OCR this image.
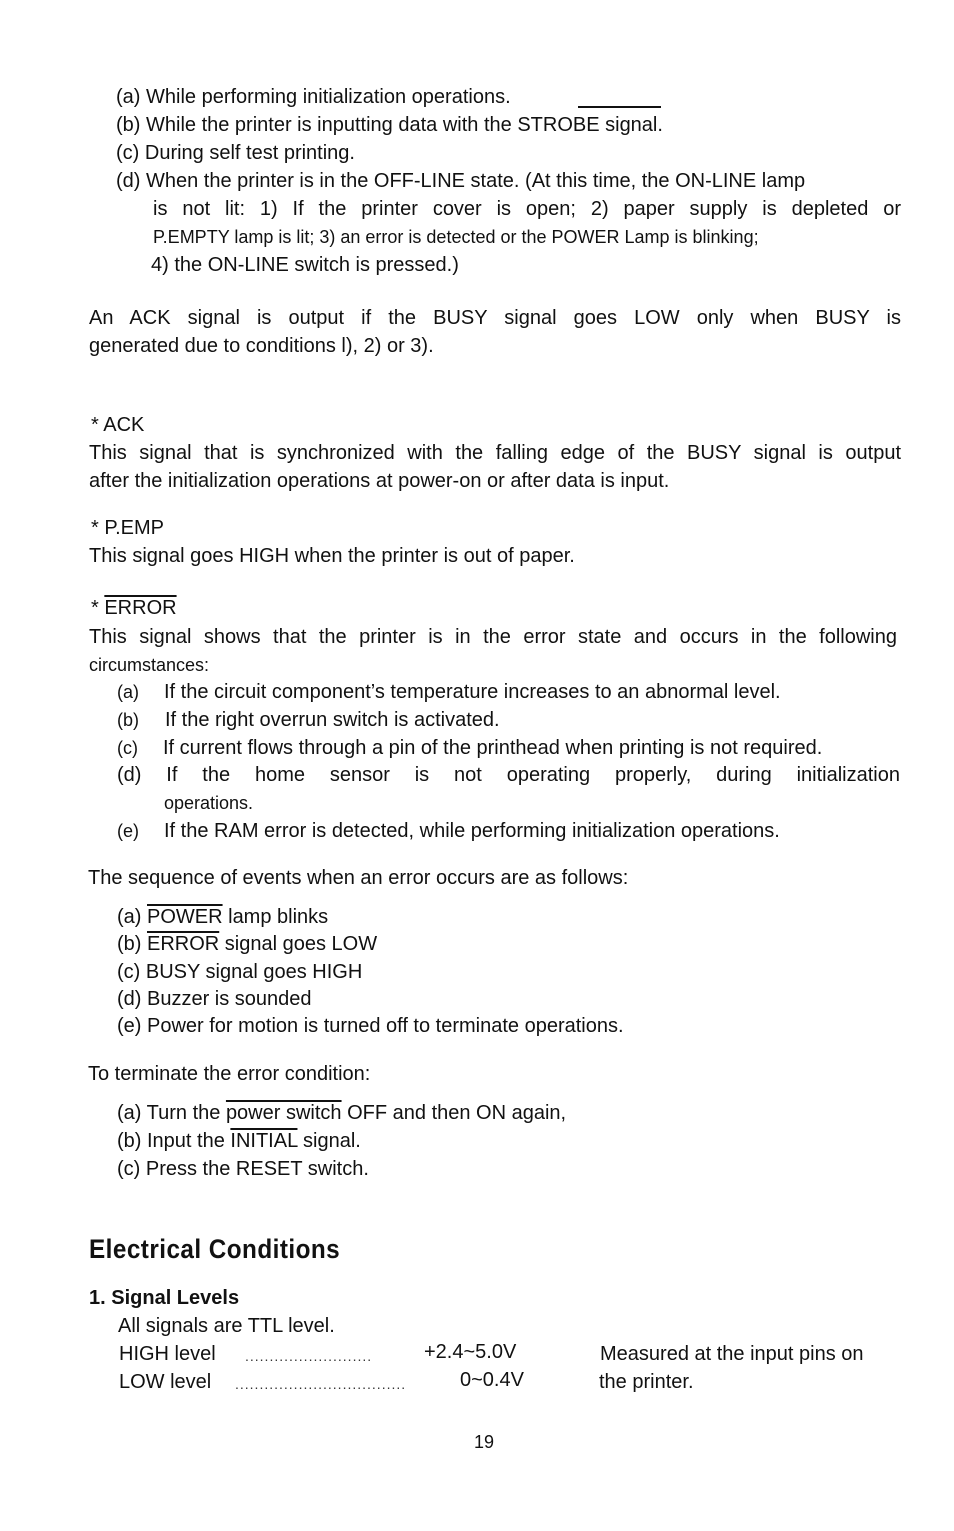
(a) While performing initialization operations.
(b) While the printer is inputting data with the STROBE signal.
(c) During self test printing.
(d) When the printer is in the OFF-LINE state. (At this time, the ON-LINE lamp
is not lit: 1) If the printer cover is open; 2) paper supply is depleted or
P.EMPTY lamp is lit; 3) an error is detected or the POWER Lamp is blinking;
4) the ON-LINE switch is pressed.)
An ACK signal is output if the BUSY signal goes LOW only when BUSY is
generated due to conditions l), 2) or 3).
* ACK
This signal that is synchronized with the falling edge of the BUSY signal is output
after the initialization operations at power-on or after data is input.
* P.EMP
This signal goes HIGH when the printer is out of paper.
* ERROR
This signal shows that the printer is in the error state and occurs in the following
circumstances:
(a) If the circuit component’s temperature increases to an abnormal level.
(b) If the right overrun switch is activated.
(c) If current flows through a pin of the printhead when printing is not required.
(d) If the home sensor is not operating properly, during initialization
operations.
(e) If the RAM error is detected, while performing initialization operations.
The sequence of events when an error occurs are as follows:
(a) POWER lamp blinks
(b) ERROR signal goes LOW
(c) BUSY signal goes HIGH
(d) Buzzer is sounded
(e) Power for motion is turned off to terminate operations.
To terminate the error condition:
(a) Turn the power switch OFF and then ON again,
(b) Input the INITIAL signal.
(c) Press the RESET switch.
Electrical Conditions
1. Signal Levels
All signals are TTL level.
HIGH level ..........................	+2.4~5.0V
LOW level ...................................	0~0.4V
Measured at the input pins on
the printer.
19
